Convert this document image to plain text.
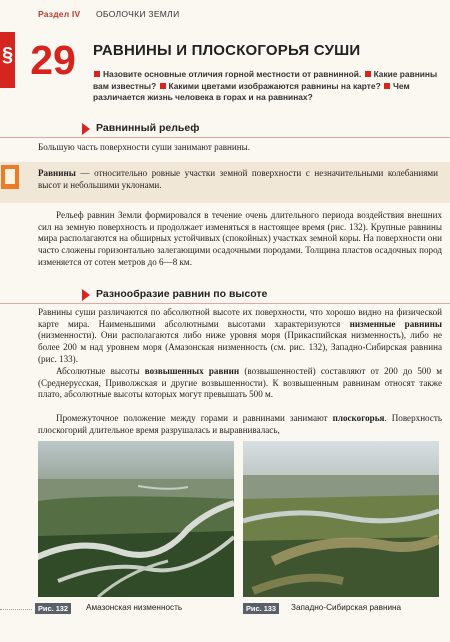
Раздел IV ОБОЛОЧКИ ЗЕМЛИ
§ 29	РАВНИНЫ И ПЛОСКОГОРЬЯ СУШИ
Назовите основные отличия горной местности от равнинной. Какие равнины вам известны? Какими цветами изображаются равнины на карте? Чем различается жизнь человека в горах и на равнинах?
Равнинный рельеф
Большую часть поверхности суши занимают равнины.
Равнины — относительно ровные участки земной поверхности с незначительными колебаниями высот и небольшими уклонами.
Рельеф равнин Земли формировался в течение очень длительного периода воздействия внешних сил на земную поверхность и продолжает изменяться в настоящее время (рис. 132). Крупные равнины мира располагаются на обширных устойчивых (спокойных) участках земной коры. На поверхности они часто сложены горизонтально залегающими осадочными породами. Толщина пластов осадочных пород изменяется от сотен метров до 6—8 км.
Разнообразие равнин по высоте
Равнины суши различаются по абсолютной высоте их поверхности, что хорошо видно на физической карте мира. Наименьшими абсолютными высотами характеризуются низменные равнины (низменности). Они располагаются либо ниже уровня моря (Прикаспийская низменность), либо не более 200 м над уровнем моря (Амазонская низменность (см. рис. 132), Западно-Сибирская равнина (рис. 133).
Абсолютные высоты возвышенных равнин (возвышенностей) составляют от 200 до 500 м (Среднерусская, Приволжская и другие возвышенности). К возвышенным равнинам относят также плато, абсолютные высоты которых могут превышать 500 м.
Промежуточное положение между горами и равнинами занимают плоскогорья. Поверхность плоскогорий длительное время разрушалась и выравнивалась,
Рис. 132	Амазонская низменность	Рис. 133	Западно-Сибирская равнина
